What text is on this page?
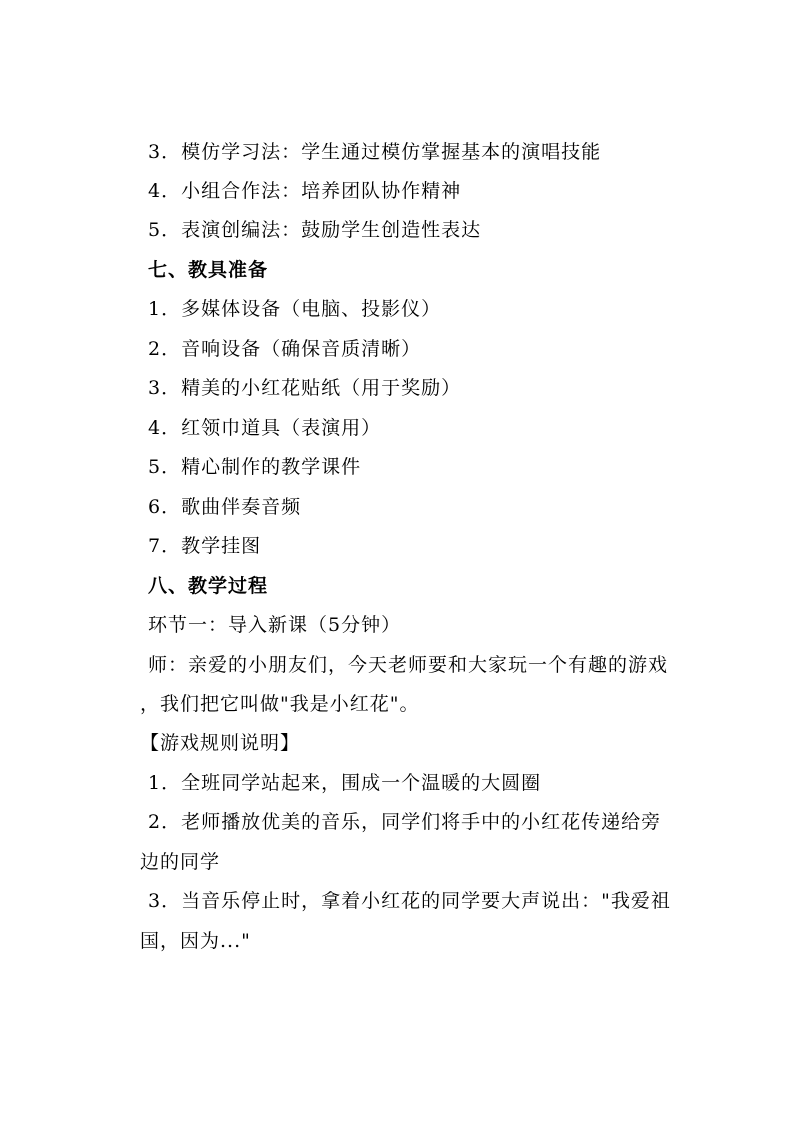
3．模仿学习法：学生通过模仿掌握基本的演唱技能
4．小组合作法：培养团队协作精神
5．表演创编法：鼓励学生创造性表达
七、教具准备
1．多媒体设备（电脑、投影仪）
2．音响设备（确保音质清晰）
3．精美的小红花贴纸（用于奖励）
4．红领巾道具（表演用）
5．精心制作的教学课件
6．歌曲伴奏音频
7．教学挂图
八、教学过程
环节一：导入新课（5分钟）
师：亲爱的小朋友们，今天老师要和大家玩一个有趣的游戏
，我们把它叫做"我是小红花"。
【游戏规则说明】
1．全班同学站起来，围成一个温暖的大圆圈
2．老师播放优美的音乐，同学们将手中的小红花传递给旁
边的同学
3．当音乐停止时，拿着小红花的同学要大声说出："我爱祖
国，因为..."
